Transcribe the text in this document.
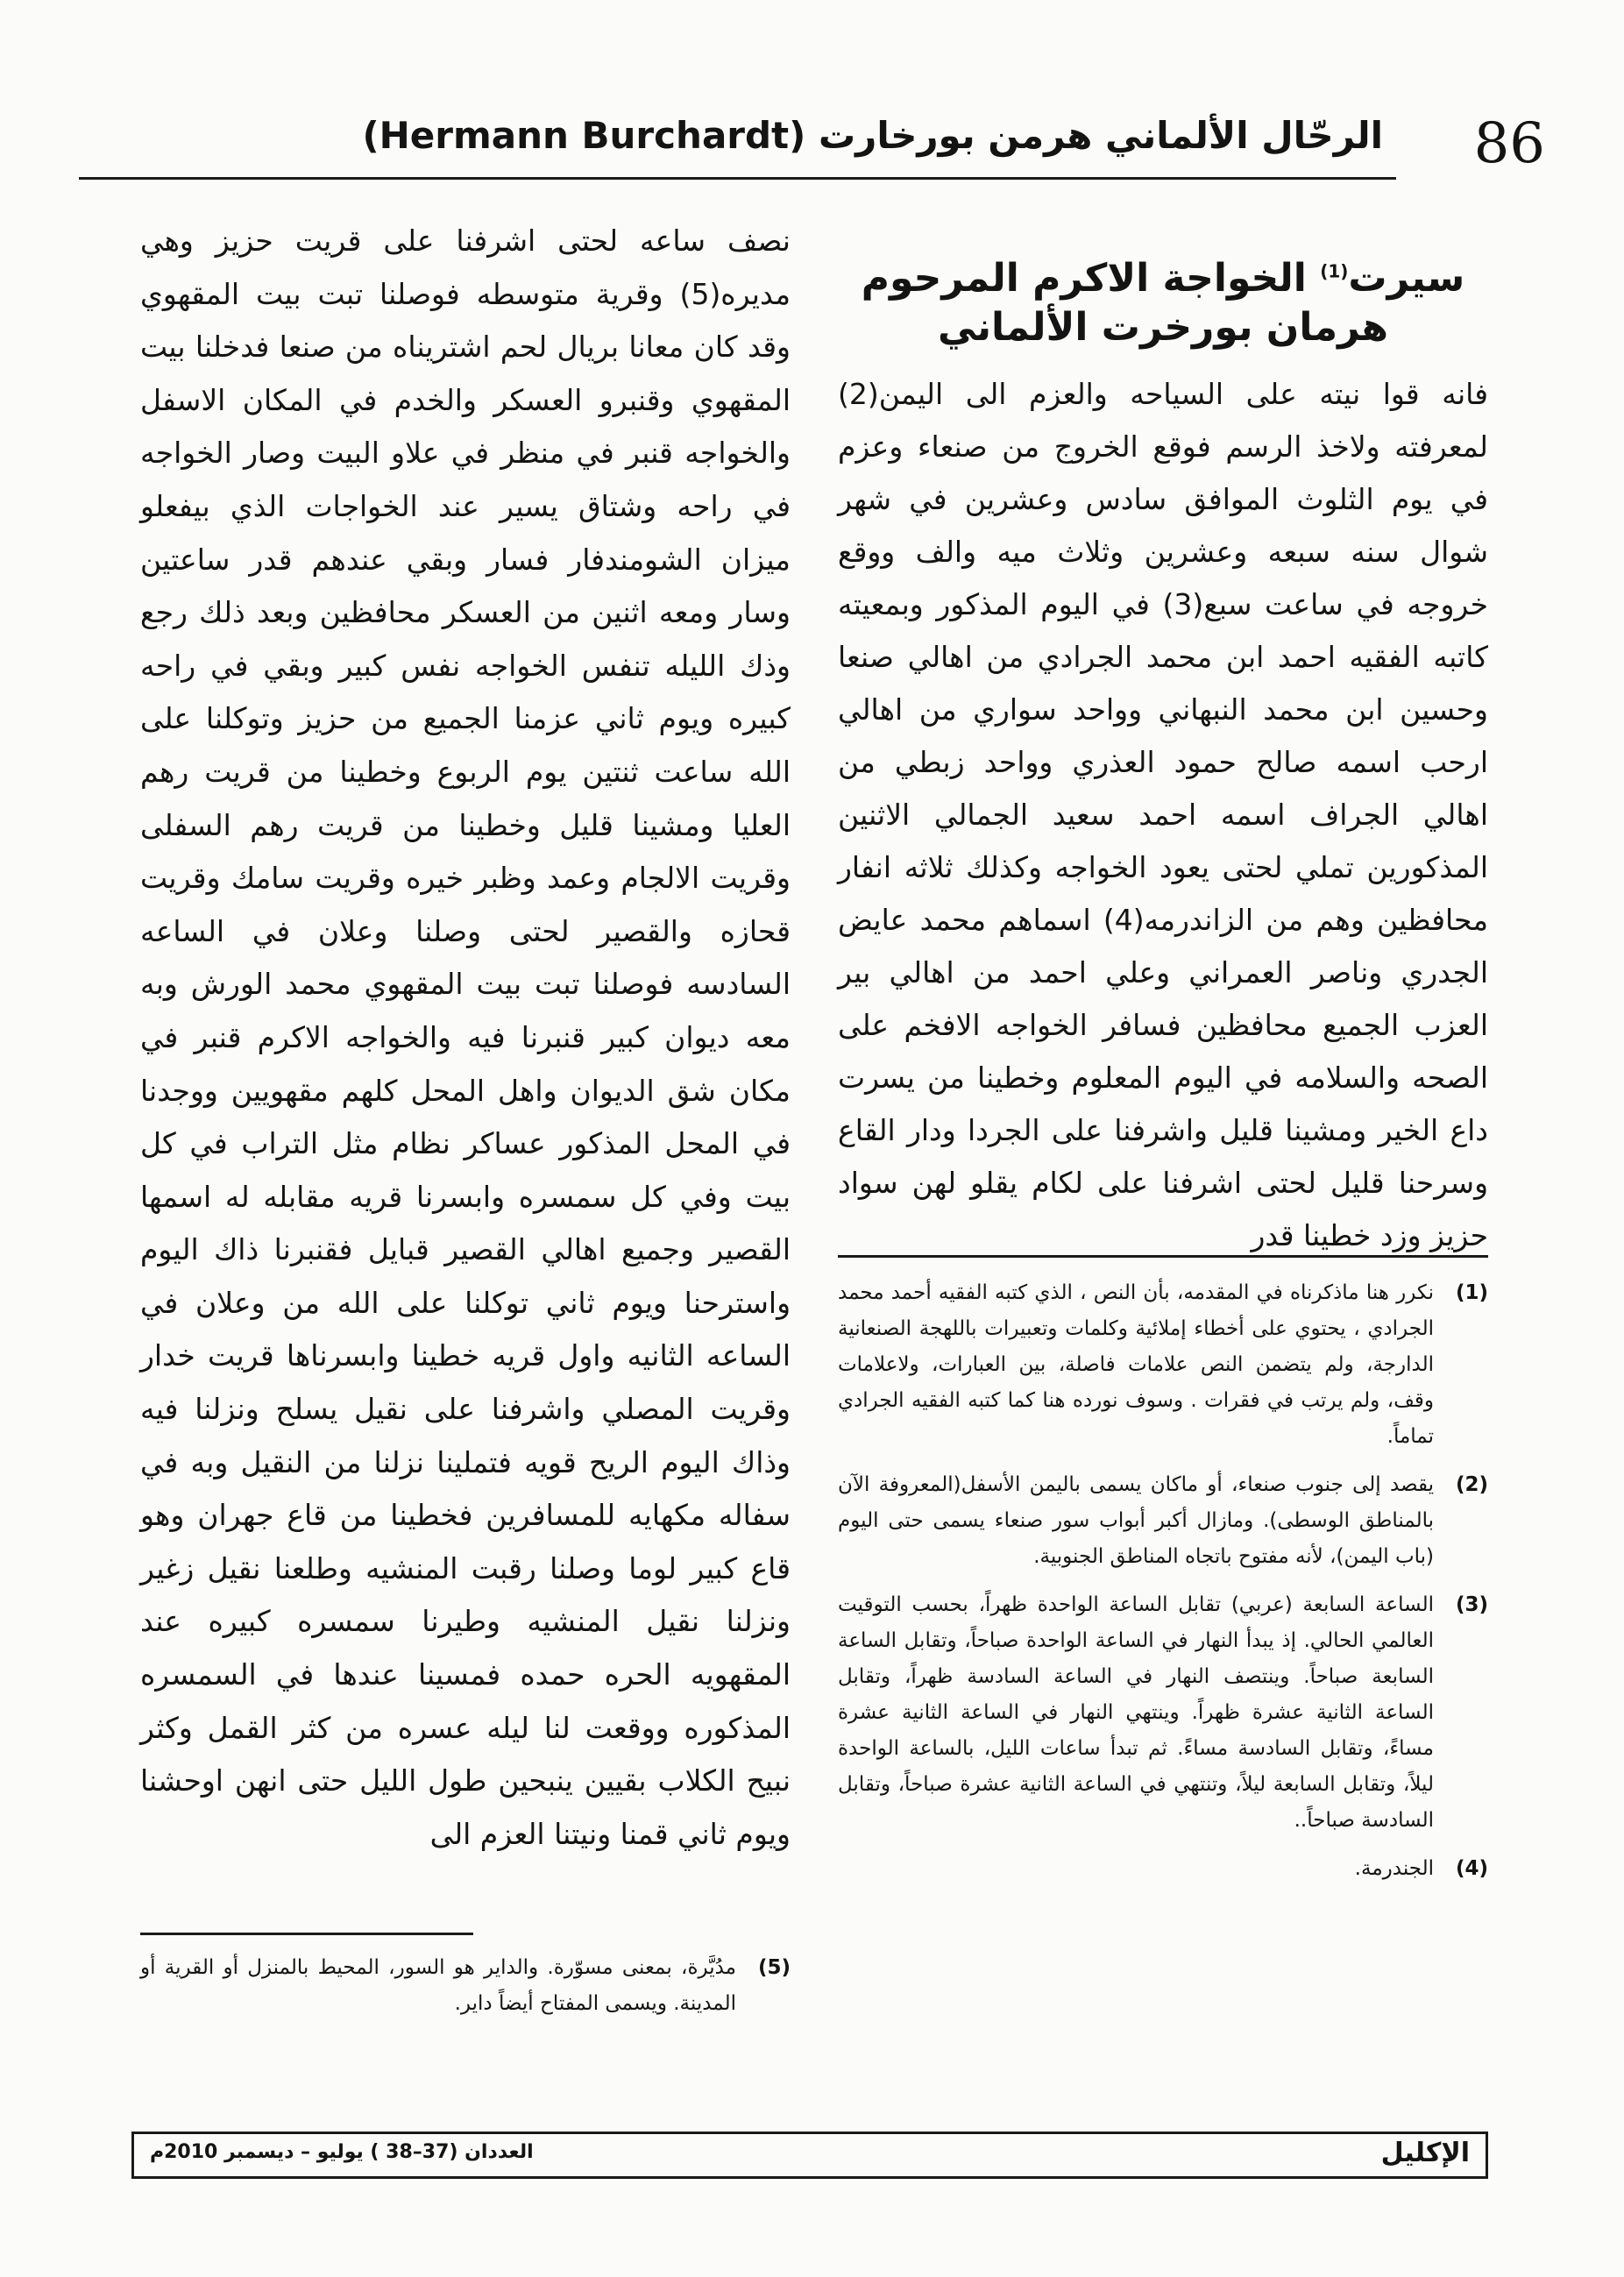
86
الرحّال الألماني هرمن بورخارت (Hermann Burchardt)
سيرت$^{(1)}$ الخواجة الاكرم المرحوم هرمان بورخرت الألماني

فانه قوا نيته على السياحه والعزم الى اليمن(2) لمعرفته ولاخذ الرسم فوقع الخروج من صنعاء وعزم في يوم الثلوث الموافق سادس وعشرين في شهر شوال سنه سبعه وعشرين وثلاث ميه والف ووقع خروجه في ساعت سبع(3) في اليوم المذكور وبمعيته كاتبه الفقيه احمد ابن محمد الجرادي من اهالي صنعا وحسين ابن محمد النبهاني وواحد سواري من اهالي ارحب اسمه صالح حمود العذري وواحد زبطي من اهالي الجراف اسمه احمد سعيد الجمالي الاثنين المذكورين تملي لحتى يعود الخواجه وكذلك ثلاثه انفار محافظين وهم من الزاندرمه(4) اسماهم محمد عايض الجدري وناصر العمراني وعلي احمد من اهالي بير العزب الجميع محافظين فسافر الخواجه الافخم على الصحه والسلامه في اليوم المعلوم وخطينا من يسرت داع الخير ومشينا قليل واشرفنا على الجردا ودار القاع وسرحنا قليل لحتى اشرفنا على لكام يقلو لهن سواد حزيز وزد خطينا قدر

نصف ساعه لحتى اشرفنا على قريت حزيز وهي مديره(5) وقرية متوسطه فوصلنا تبت بيت المقهوي وقد كان معانا بريال لحم اشتريناه من صنعا فدخلنا بيت المقهوي وقنبرو العسكر والخدم في المكان الاسفل والخواجه قنبر في منظر في علاو البيت وصار الخواجه في راحه وشتاق يسير عند الخواجات الذي بيفعلو ميزان الشومندفار فسار وبقي عندهم قدر ساعتين وسار ومعه اثنين من العسكر محافظين وبعد ذلك رجع وذك الليله تنفس الخواجه نفس كبير وبقي في راحه كبيره ويوم ثاني عزمنا الجميع من حزيز وتوكلنا على الله ساعت ثنتين يوم الربوع وخطينا من قريت رهم العليا ومشينا قليل وخطينا من قريت رهم السفلى وقريت الالجام وعمد وظبر خيره وقريت سامك وقريت قحازه والقصير لحتى وصلنا وعلان في الساعه السادسه فوصلنا تبت بيت المقهوي محمد الورش وبه معه ديوان كبير قنبرنا فيه والخواجه الاكرم قنبر في مكان شق الديوان واهل المحل كلهم مقهويين ووجدنا في المحل المذكور عساكر نظام مثل التراب في كل بيت وفي كل سمسره وابسرنا قريه مقابله له اسمها القصير وجميع اهالي القصير قبايل فقنبرنا ذاك اليوم واسترحنا ويوم ثاني توكلنا على الله من وعلان في الساعه الثانيه واول قريه خطينا وابسرناها قريت خدار وقريت المصلي واشرفنا على نقيل يسلح ونزلنا فيه وذاك اليوم الريح قويه فتملينا نزلنا من النقيل وبه في سفاله مكهايه للمسافرين فخطينا من قاع جهران وهو قاع كبير لوما وصلنا رقبت المنشيه وطلعنا نقيل زغير ونزلنا نقيل المنشيه وطيرنا سمسره كبيره عند المقهويه الحره حمده فمسينا عندها في السمسره المذكوره ووقعت لنا ليله عسره من كثر القمل وكثر نبيح الكلاب بقيين ينبحين طول الليل حتى انهن اوحشنا ويوم ثاني قمنا ونيتنا العزم الى

(1)
نكرر هنا ماذكرناه في المقدمه، بأن النص ، الذي كتبه الفقيه أحمد محمد الجرادي ، يحتوي على أخطاء إملائية وكلمات وتعبيرات باللهجة الصنعانية الدارجة، ولم يتضمن النص علامات فاصلة، بين العبارات، ولاعلامات وقف، ولم يرتب في فقرات . وسوف نورده هنا كما كتبه الفقيه الجرادي تماماً.
(2)
يقصد إلى جنوب صنعاء، أو ماكان يسمى باليمن الأسفل(المعروفة الآن بالمناطق الوسطى). ومازال أكبر أبواب سور صنعاء يسمى حتى اليوم (باب اليمن)، لأنه مفتوح باتجاه المناطق الجنوبية.
(3)
الساعة السابعة (عربي) تقابل الساعة الواحدة ظهراً، بحسب التوقيت العالمي الحالي. إذ يبدأ النهار في الساعة الواحدة صباحاً، وتقابل الساعة السابعة صباحاً. وينتصف النهار في الساعة السادسة ظهراً، وتقابل الساعة الثانية عشرة ظهراً. وينتهي النهار في الساعة الثانية عشرة مساءً، وتقابل السادسة مساءً. ثم تبدأ ساعات الليل، بالساعة الواحدة ليلاً، وتقابل السابعة ليلاً، وتنتهي في الساعة الثانية عشرة صباحاً، وتقابل السادسة صباحاً..
(4)
الجندرمة.
(5)
مدُيَّرة، بمعنى مسوّرة. والداير هو السور، المحيط بالمنزل أو القرية أو المدينة. ويسمى المفتاح أيضاً داير.
الإكليل
العددان (37–38 ) يوليو – ديسمبر 2010م
